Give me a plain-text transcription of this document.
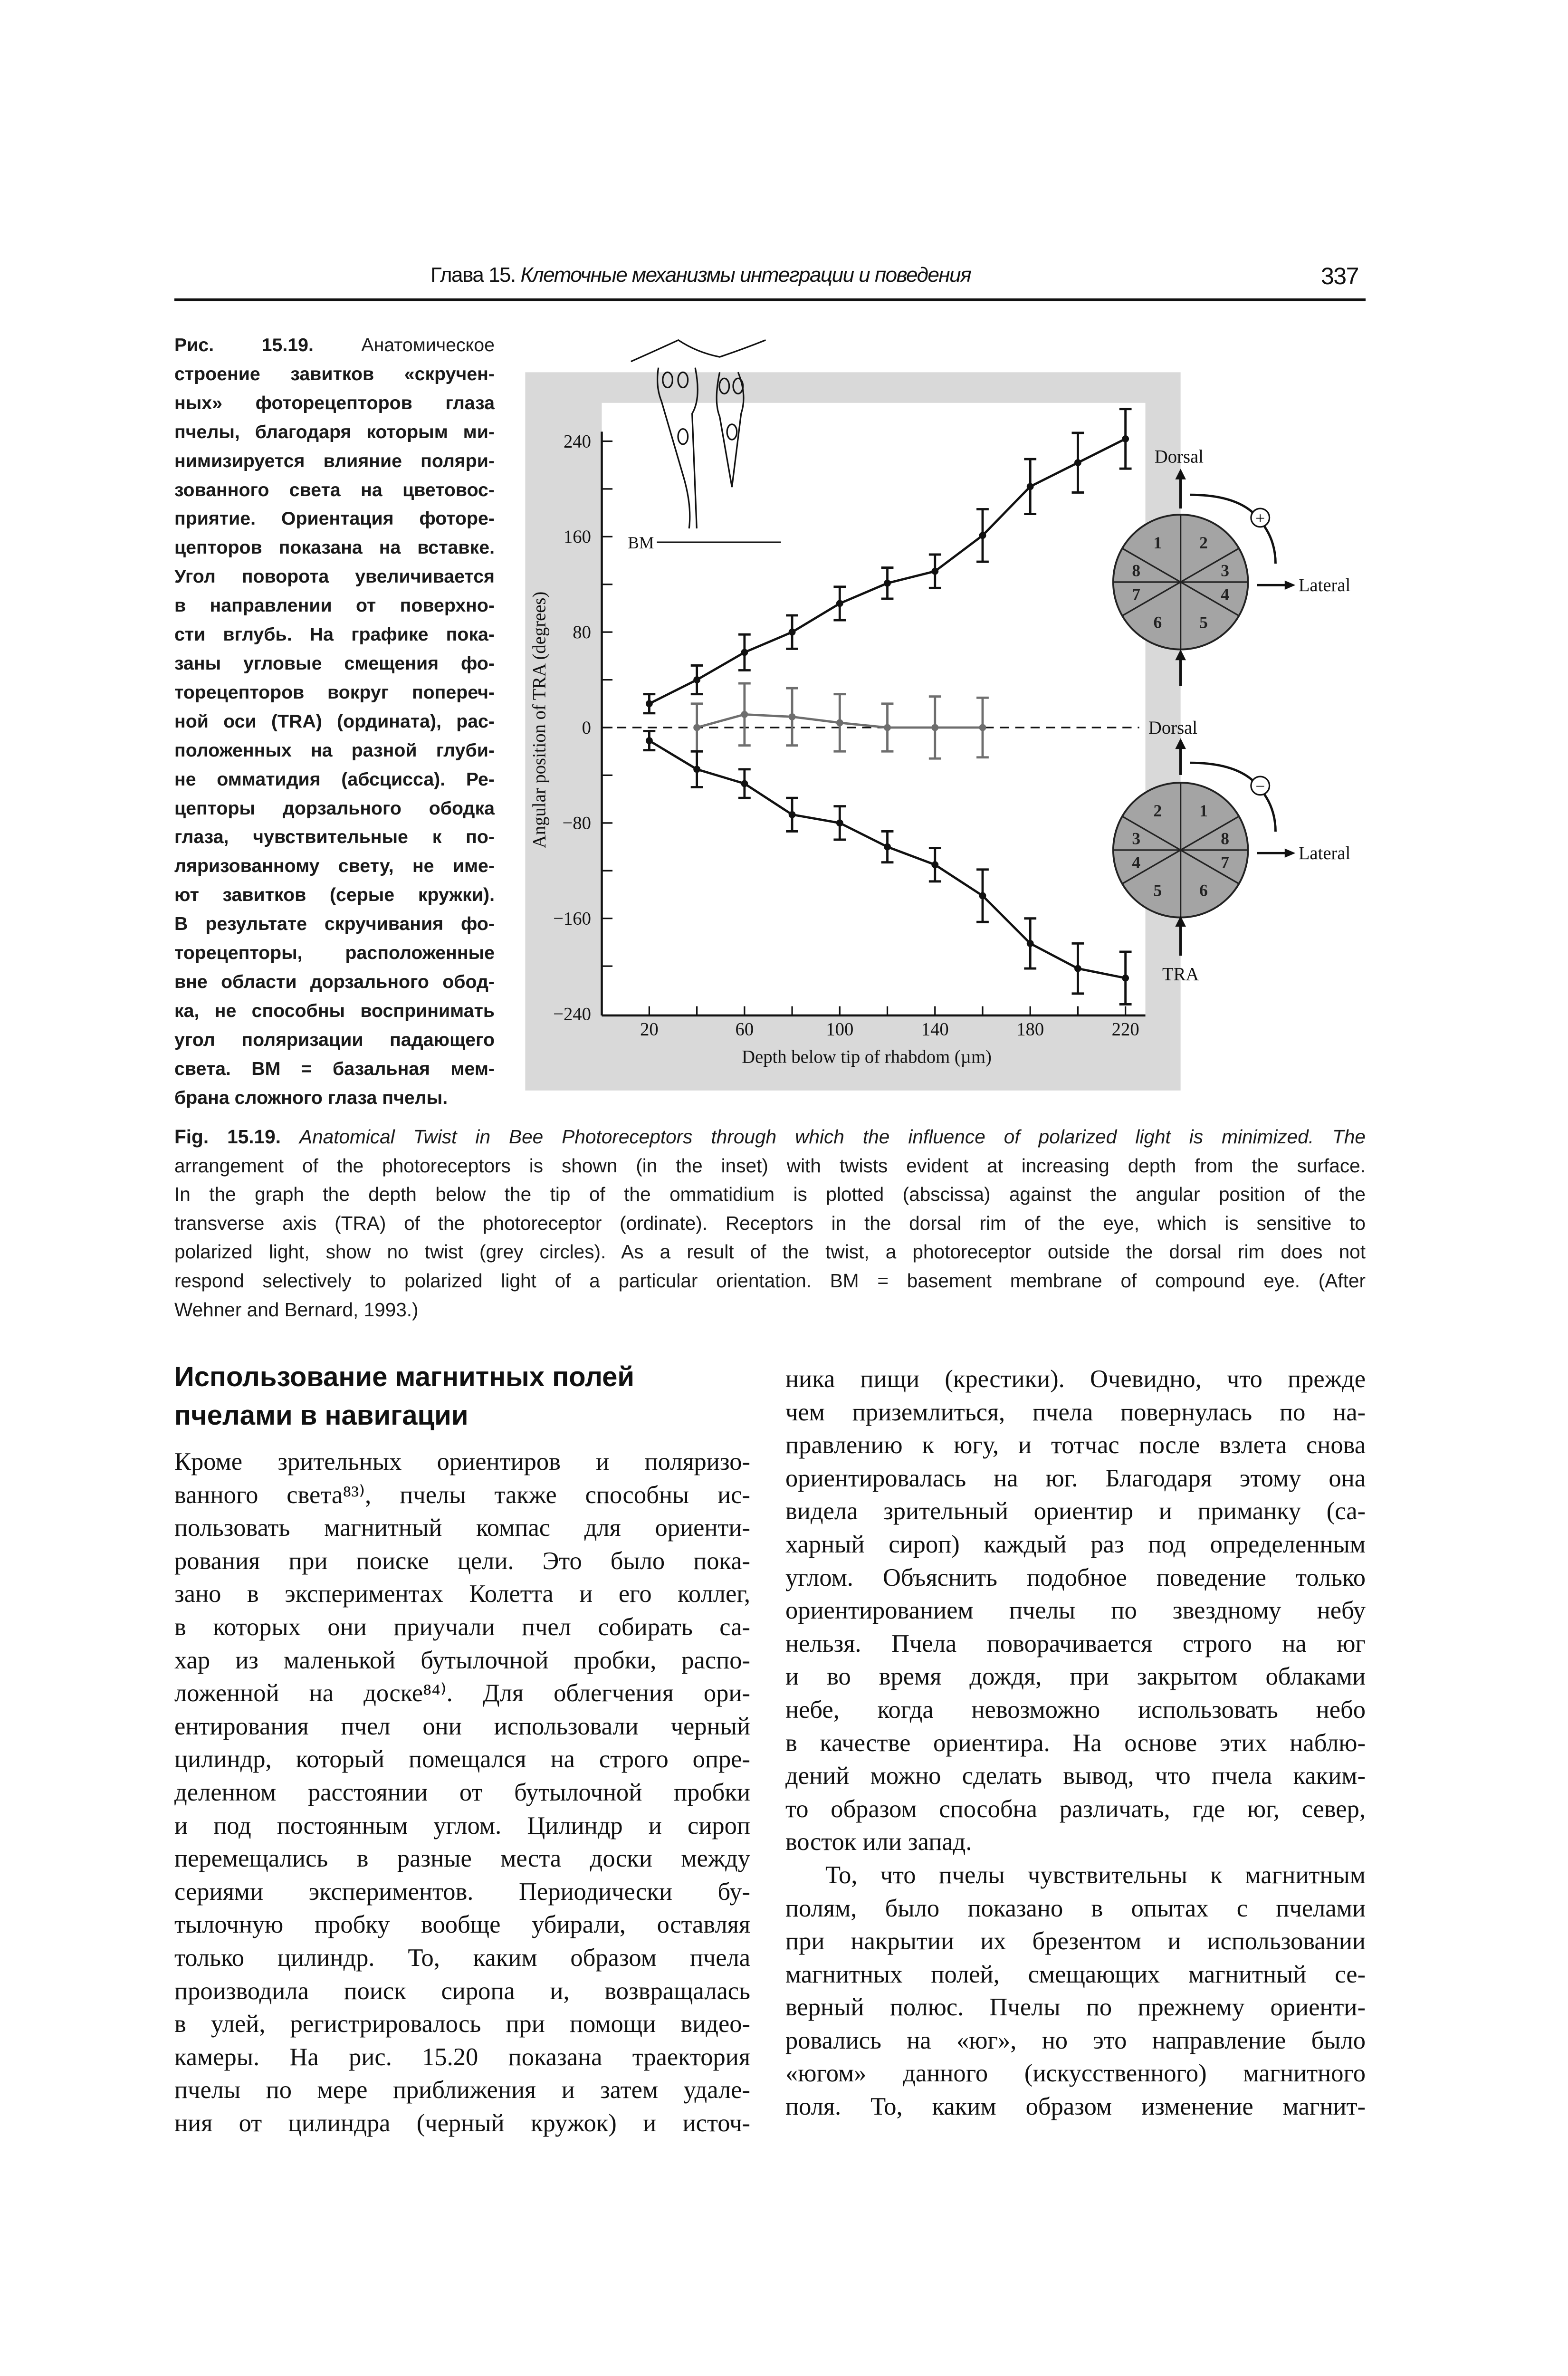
Глава 15. Клеточные механизмы интеграции и поведения	337
Рис. 15.19.	Анатомическое
строение завитков «скручен-
ных» фоторецепторов глаза
пчелы, благодаря которым ми-
нимизируется влияние поляри-
зованного света на цветовос-
приятие. Ориентация фоторе-
цепторов показана на вставке.
Угол поворота увеличивается
в направлении от поверхно-
сти вглубь. На графике пока-
заны угловые смещения фо-
торецепторов вокруг попереч-
ной оси (TRA) (ордината), рас-
положенных на разной глуби-
не омматидия (абсцисса). Ре-
цепторы дорзального ободка
глаза, чувствительные к по-
ляризованному свету, не име-
ют завитков (серые кружки).
В результате скручивания фо-
торецепторы, расположенные
вне области дорзального обод-
ка, не способны воспринимать
угол поляризации падающего
света. BM = базальная мем-
брана сложного глаза пчелы.
BM
240
160
80
0
−80
−160
−240
20	60	100	140	180	220
Depth below tip of rhabdom (µm)
Angular position of TRA (degrees)
Dorsal
1	2
3
4
5
6
7
8
Lateral
+
Dorsal
2	1
8
7
6
5
4
3
Lateral
−
TRA
Fig. 15.19. Anatomical Twist in Bee Photoreceptors through which the influence of polarized light is minimized. The
arrangement of the photoreceptors is shown (in the inset) with twists evident at increasing depth from the surface.
In the graph the depth below the tip of the ommatidium is plotted (abscissa) against the angular position of the
transverse axis (TRA) of the photoreceptor (ordinate). Receptors in the dorsal rim of the eye, which is sensitive to
polarized light, show no twist (grey circles). As a result of the twist, a photoreceptor outside the dorsal rim does not
respond selectively to polarized light of a particular orientation. BM = basement membrane of compound eye. (After
Wehner and Bernard, 1993.)
Использование магнитных полей
пчелами в навигации
Кроме зрительных ориентиров и поляризо-
ванного света⁸³⁾, пчелы также способны ис-
пользовать магнитный компас для ориенти-
рования при поиске цели. Это было пока-
зано в экспериментах Колетта и его коллег,
в которых они приучали пчел собирать са-
хар из маленькой бутылочной пробки, распо-
ложенной на доске⁸⁴⁾. Для облегчения ори-
ентирования пчел они использовали черный
цилиндр, который помещался на строго опре-
деленном расстоянии от бутылочной пробки
и под постоянным углом. Цилиндр и сироп
перемещались в разные места доски между
сериями экспериментов. Периодически бу-
тылочную пробку вообще убирали, оставляя
только цилиндр. То, каким образом пчела
производила поиск сиропа и, возвращалась
в улей, регистрировалось при помощи видео-
камеры. На рис. 15.20 показана траектория
пчелы по мере приближения и затем удале-
ния от цилиндра (черный кружок) и источ-
ника пищи (крестики). Очевидно, что прежде
чем приземлиться, пчела повернулась по на-
правлению к югу, и тотчас после взлета снова
ориентировалась на юг. Благодаря этому она
видела зрительный ориентир и приманку (са-
харный сироп) каждый раз под определенным
углом. Объяснить подобное поведение только
ориентированием пчелы по звездному небу
нельзя. Пчела поворачивается строго на юг
и во время дождя, при закрытом облаками
небе, когда невозможно использовать небо
в качестве ориентира. На основе этих наблю-
дений можно сделать вывод, что пчела каким-
то образом способна различать, где юг, север,
восток или запад.
То, что пчелы чувствительны к магнитным
полям, было показано в опытах с пчелами
при накрытии их брезентом и использовании
магнитных полей, смещающих магнитный се-
верный полюс. Пчелы по прежнему ориенти-
ровались на «юг», но это направление было
«югом» данного (искусственного) магнитного
поля. То, каким образом изменение магнит-
